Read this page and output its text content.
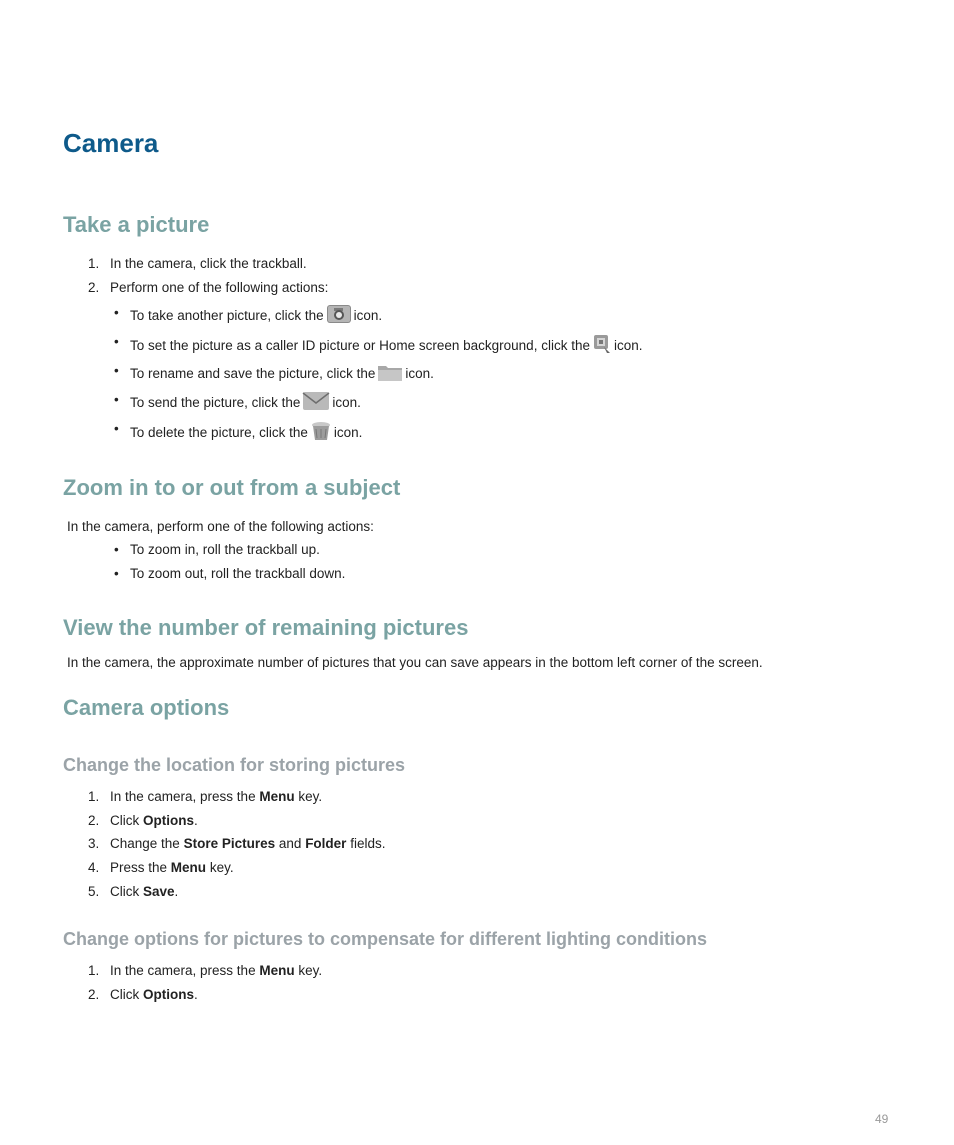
Camera
Take a picture
1. In the camera, click the trackball.
2. Perform one of the following actions:
• To take another picture, click the icon.
• To set the picture as a caller ID picture or Home screen background, click the icon.
• To rename and save the picture, click the icon.
• To send the picture, click the icon.
• To delete the picture, click the icon.
Zoom in to or out from a subject
In the camera, perform one of the following actions:
• To zoom in, roll the trackball up.
• To zoom out, roll the trackball down.
View the number of remaining pictures
In the camera, the approximate number of pictures that you can save appears in the bottom left corner of the screen.
Camera options
Change the location for storing pictures
1. In the camera, press the Menu key.
2. Click Options.
3. Change the Store Pictures and Folder fields.
4. Press the Menu key.
5. Click Save.
Change options for pictures to compensate for different lighting conditions
1. In the camera, press the Menu key.
2. Click Options.
49
